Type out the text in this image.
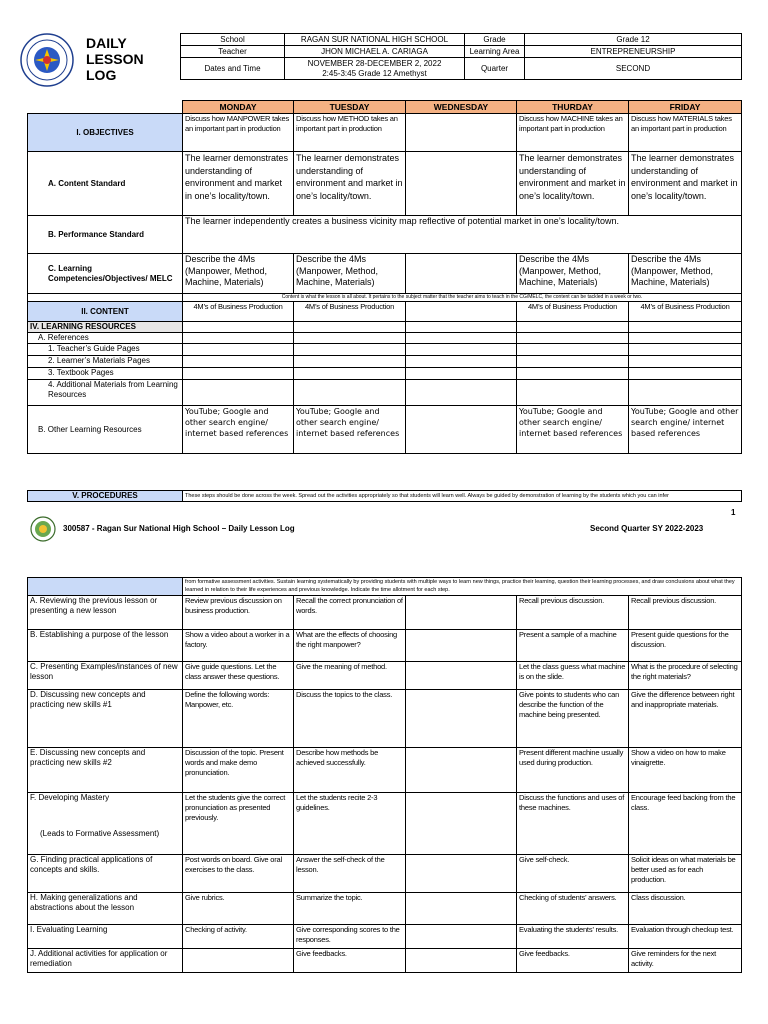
DAILY
LESSON
LOG
School	RAGAN SUR NATIONAL HIGH SCHOOL	Grade	Grade 12
Teacher	JHON MICHAEL A. CARIAGA	Learning Area	ENTREPRENEURSHIP
Dates and Time	NOVEMBER 28-DECEMBER 2, 2022
2:45-3:45 Grade 12 Amethyst	Quarter	SECOND
	MONDAY	TUESDAY	WEDNESDAY	THURDAY	FRIDAY
I. OBJECTIVES	Discuss how MANPOWER takes an important part in production	Discuss how METHOD takes an important part in production		Discuss how MACHINE takes an important part in production	Discuss how MATERIALS takes an important part in production
A. Content Standard	The learner demonstrates understanding of environment and market in one’s locality/town.	The learner demonstrates understanding of environment and market in one’s locality/town.		The learner demonstrates understanding of environment and market in one’s locality/town.	The learner demonstrates understanding of environment and market in one’s locality/town.
B. Performance Standard	The learner independently creates a business vicinity map reflective of potential market in one’s locality/town.				
C. Learning Competencies/Objectives/ MELC	Describe the 4Ms (Manpower, Method, Machine, Materials)	Describe the 4Ms (Manpower, Method, Machine, Materials)		Describe the 4Ms (Manpower, Method, Machine, Materials)	Describe the 4Ms (Manpower, Method, Machine, Materials)
	Content is what the lesson is all about. It pertains to the subject matter that the teacher aims to teach in the CG/MELC, the content can be tackled in a week or two.				
II. CONTENT	4M’s of Business Production	4M’s of Business Production		4M’s of Business Production	4M’s of Business Production
IV. LEARNING RESOURCES					
A. References					
1. Teacher’s Guide Pages					
2. Learner’s Materials Pages					
3. Textbook Pages					
4. Additional Materials from Learning Resources					
B. Other Learning Resources	YouTube; Google and other search engine/ internet based references	YouTube; Google and other search engine/ internet based references		YouTube; Google and other search engine/ internet based references	YouTube; Google and other search engine/ internet based references
V. PROCEDURES	These steps should be done across the week. Spread out the activities appropriately so that students will learn well. Always be guided by demonstration of learning by the students which you can infer
300587 - Ragan Sur National High School – Daily Lesson Log	Second Quarter SY 2022-2023
1
	from formative assessment activities. Sustain learning systematically by providing students with multiple ways to learn new things, practice their learning, question their learning processes, and draw conclusions about what they learned in relation to their life experiences and previous knowledge. Indicate the time allotment for each step.				
A. Reviewing the previous lesson or presenting a new lesson	Review previous discussion on business production.	Recall the correct pronunciation of words.		Recall previous discussion.	Recall previous discussion.
B. Establishing a purpose of the lesson	Show a video about a worker in a factory.	What are the effects of choosing the right manpower?		Present a sample of a machine	Present guide questions for the discussion.
C. Presenting Examples/instances of new lesson	Give guide questions. Let the class answer these questions.	Give the meaning of method.		Let the class guess what machine is on the slide.	What is the procedure of selecting the right materials?
D. Discussing new concepts and practicing new skills #1	Define the following words: Manpower, etc.	Discuss the topics to the class.		Give points to students who can describe the function of the machine being presented.	Give the difference between right and inappropriate materials.
E. Discussing new concepts and practicing new skills #2	Discussion of the topic. Present words and make demo pronunciation.	Describe how methods be achieved successfully.		Present different machine usually used during production.	Show a video on how to make vinaigrette.

F. Developing Mastery
(Leads to Formative Assessment)	Let the students give the correct pronunciation as presented previously.	Let the students recite 2-3 guidelines.		Discuss the functions and uses of these machines.	Encourage feed backing from the class.
G. Finding practical applications of concepts and skills.	Post words on board. Give oral exercises to the class.	Answer the self-check of the lesson.		Give self-check.	Solicit ideas on what materials be better used as for each production.
H. Making generalizations and abstractions about the lesson	Give rubrics.	Summarize the topic.		Checking of students’ answers.	Class discussion.
I. Evaluating Learning	Checking of activity.	Give corresponding scores to the responses.		Evaluating the students’ results.	Evaluation through checkup test.
J. Additional activities for application or remediation		Give feedbacks.		Give feedbacks.	Give reminders for the next activity.
